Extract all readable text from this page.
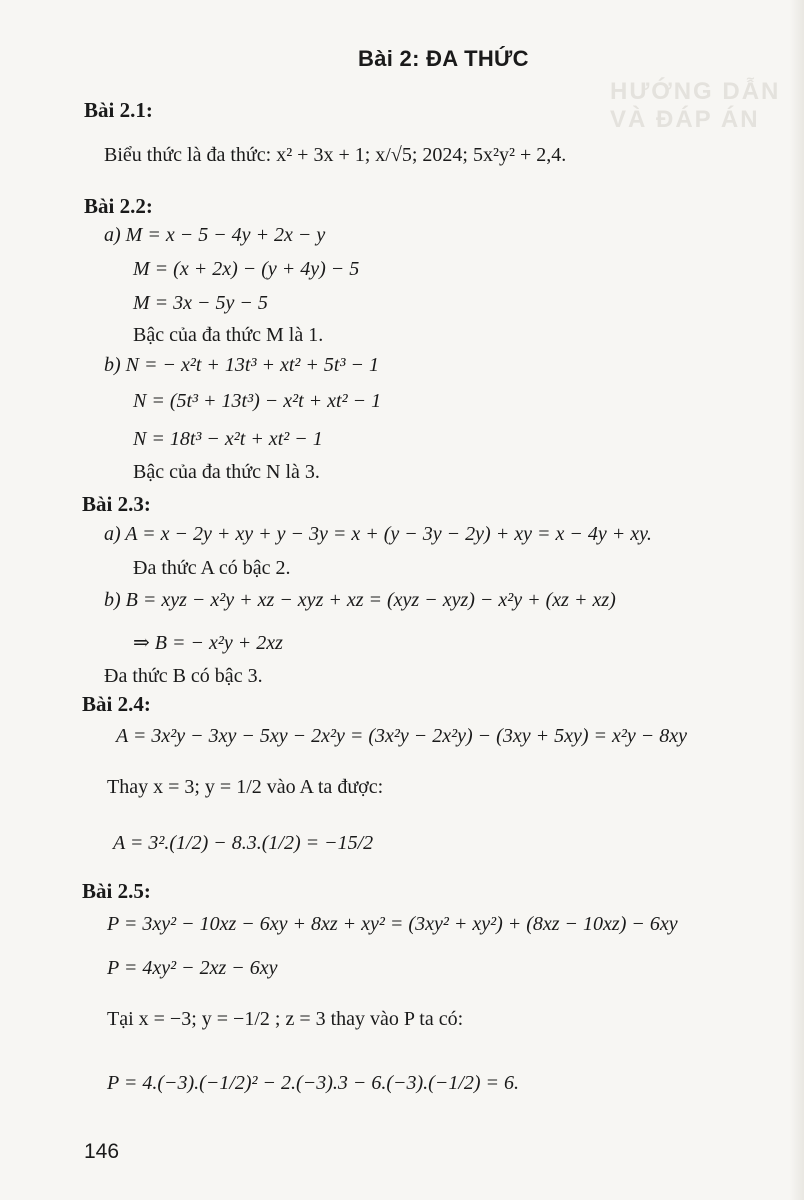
HƯỚNG DẪN VÀ ĐÁP ÁN
Bài 2: ĐA THỨC
Bài 2.1:
Biểu thức là đa thức: x² + 3x + 1; x/√5; 2024; 5x²y² + 2,4.
Bài 2.2:
a) M = x − 5 − 4y + 2x − y
M = (x + 2x) − (y + 4y) − 5
M = 3x − 5y − 5
Bậc của đa thức M là 1.
b) N = − x²t + 13t³ + xt² + 5t³ − 1
N = (5t³ + 13t³) − x²t + xt² − 1
N = 18t³ − x²t + xt² − 1
Bậc của đa thức N là 3.
Bài 2.3:
a) A = x − 2y + xy + y − 3y = x + (y − 3y − 2y) + xy = x − 4y + xy.
Đa thức A có bậc 2.
b) B = xyz − x²y + xz − xyz + xz = (xyz − xyz) − x²y + (xz + xz)
⇒ B = − x²y + 2xz
Đa thức B có bậc 3.
Bài 2.4:
A = 3x²y − 3xy − 5xy − 2x²y = (3x²y − 2x²y) − (3xy + 5xy) = x²y − 8xy
Thay x = 3; y = 1/2 vào A ta được:
A = 3².(1/2) − 8.3.(1/2) = −15/2
Bài 2.5:
P = 3xy² − 10xz − 6xy + 8xz + xy² = (3xy² + xy²) + (8xz − 10xz) − 6xy
P = 4xy² − 2xz − 6xy
Tại x = −3; y = −1/2 ; z = 3 thay vào P ta có:
P = 4.(−3).(−1/2)² − 2.(−3).3 − 6.(−3).(−1/2) = 6.
146
